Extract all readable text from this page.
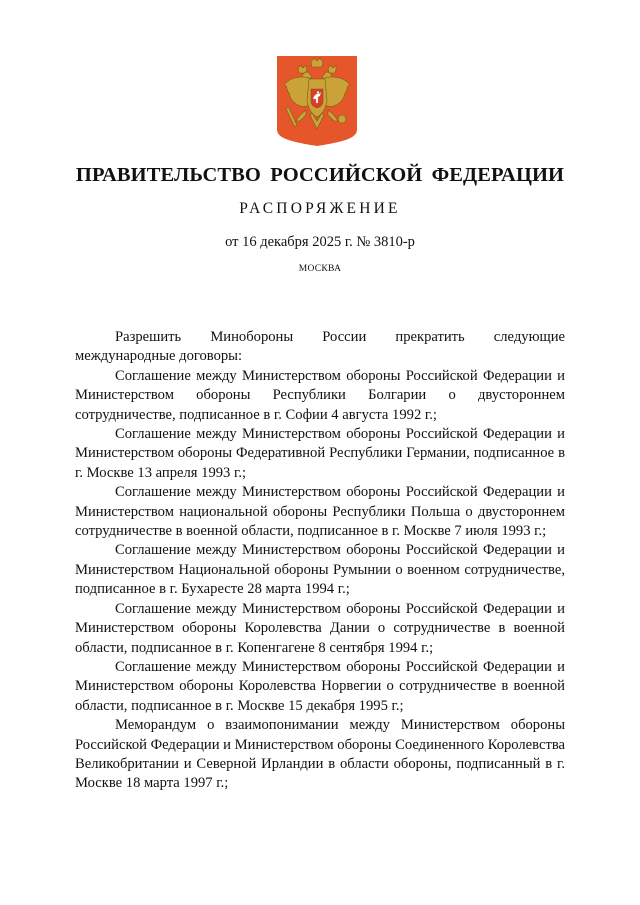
ПРАВИТЕЛЬСТВО РОССИЙСКОЙ ФЕДЕРАЦИИ
РАСПОРЯЖЕНИЕ
от 16 декабря 2025 г. № 3810-р
МОСКВА

Разрешить Минобороны России прекратить следующие международные договоры:

Соглашение между Министерством обороны Российской Федерации и Министерством обороны Республики Болгарии о двустороннем сотрудничестве, подписанное в г. Софии 4 августа 1992 г.;

Соглашение между Министерством обороны Российской Федерации и Министерством обороны Федеративной Республики Германии, подписанное в г. Москве 13 апреля 1993 г.;

Соглашение между Министерством обороны Российской Федерации и Министерством национальной обороны Республики Польша о двустороннем сотрудничестве в военной области, подписанное в г. Москве 7 июля 1993 г.;

Соглашение между Министерством обороны Российской Федерации и Министерством Национальной обороны Румынии о военном сотрудничестве, подписанное в г. Бухаресте 28 марта 1994 г.;

Соглашение между Министерством обороны Российской Федерации и Министерством обороны Королевства Дании о сотрудничестве в военной области, подписанное в г. Копенгагене 8 сентября 1994 г.;

Соглашение между Министерством обороны Российской Федерации и Министерством обороны Королевства Норвегии о сотрудничестве в военной области, подписанное в г. Москве 15 декабря 1995 г.;

Меморандум о взаимопонимании между Министерством обороны Российской Федерации и Министерством обороны Соединенного Королевства Великобритании и Северной Ирландии в области обороны, подписанный в г. Москве 18 марта 1997 г.;
